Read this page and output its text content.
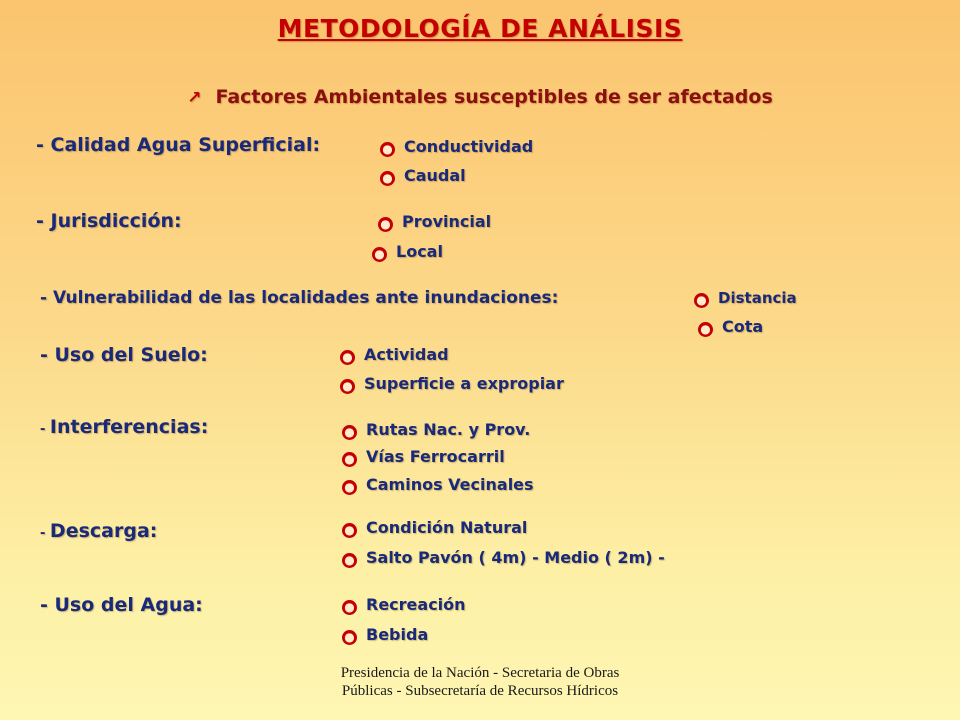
METODOLOGÍA DE ANÁLISIS

↗ Factores Ambientales susceptibles de ser afectados

- Calidad Agua Superficial:	● Conductividad
● Caudal
- Jurisdicción:	● Provincial
● Local
- Vulnerabilidad de las localidades ante inundaciones:	● Distancia
● Cota
- Uso del Suelo:	● Actividad
● Superficie a expropiar
- Interferencias:	● Rutas Nac. y Prov.
● Vías Ferrocarril
● Caminos Vecinales
- Descarga:	● Condición Natural
● Salto Pavón ( 4m) - Medio ( 2m) -
- Uso del Agua:	● Recreación
● Bebida

Presidencia de la Nación - Secretaria de Obras Públicas - Subsecretaría de Recursos Hídricos
